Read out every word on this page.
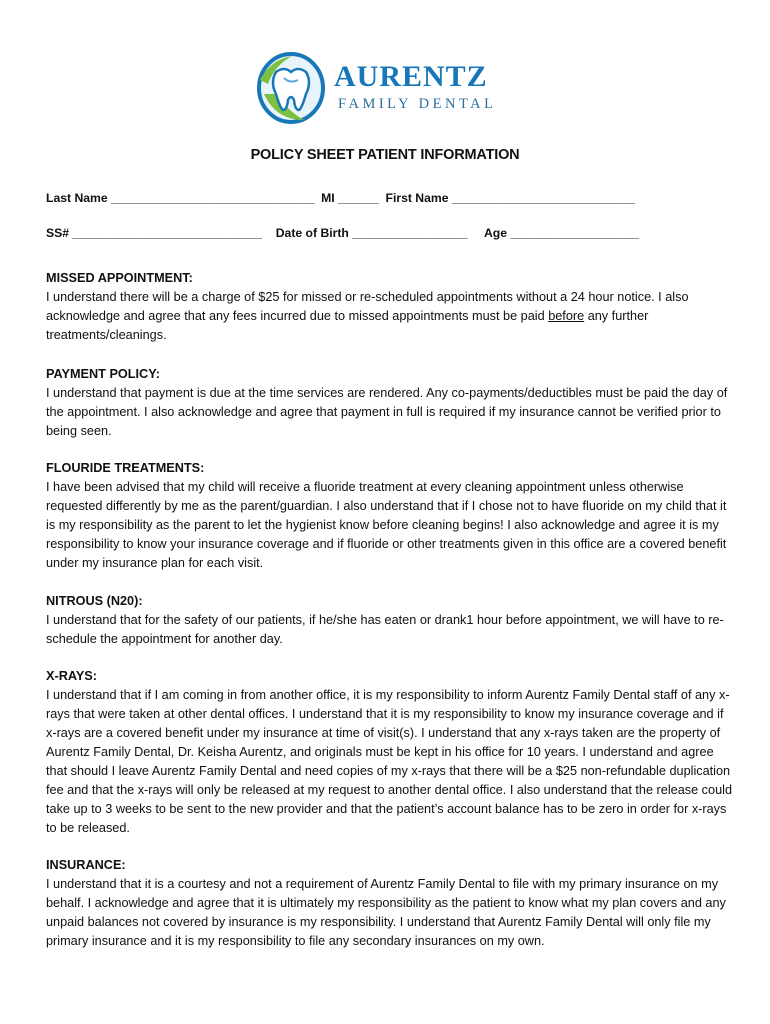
AURENTZ
FAMILY DENTAL
POLICY SHEET PATIENT INFORMATION
Last Name ______________________________  MI ______  First Name ___________________________
SS# ____________________________    Date of Birth _________________     Age ___________________
MISSED APPOINTMENT:

I understand there will be a charge of $25 for missed or re-scheduled appointments without a 24 hour notice. I also acknowledge and agree that any fees incurred due to missed appointments must be paid before any further treatments/cleanings.

PAYMENT POLICY:

I understand that payment is due at the time services are rendered. Any co-payments/deductibles must be paid the day of the appointment. I also acknowledge and agree that payment in full is required if my insurance cannot be verified prior to being seen.

FLOURIDE TREATMENTS:

I have been advised that my child will receive a fluoride treatment at every cleaning appointment unless otherwise requested differently by me as the parent/guardian. I also understand that if I chose not to have fluoride on my child that it is my responsibility as the parent to let the hygienist know before cleaning begins! I also acknowledge and agree it is my responsibility to know your insurance coverage and if fluoride or other treatments given in this office are a covered benefit under my insurance plan for each visit.

NITROUS (N20):

I understand that for the safety of our patients, if he/she has eaten or drank1 hour before appointment, we will have to re-schedule the appointment for another day.

X-RAYS:

I understand that if I am coming in from another office, it is my responsibility to inform Aurentz Family Dental staff of any x-rays that were taken at other dental offices. I understand that it is my responsibility to know my insurance coverage and if x-rays are a covered benefit under my insurance at time of visit(s). I understand that any x-rays taken are the property of Aurentz Family Dental, Dr. Keisha Aurentz, and originals must be kept in his office for 10 years. I understand and agree that should I leave Aurentz Family Dental and need copies of my x-rays that there will be a $25 non-refundable duplication fee and that the x-rays will only be released at my request to another dental office. I also understand that the release could take up to 3 weeks to be sent to the new provider and that the patient’s account balance has to be zero in order for x-rays to be released.

INSURANCE:

I understand that it is a courtesy and not a requirement of Aurentz Family Dental to file with my primary insurance on my behalf. I acknowledge and agree that it is ultimately my responsibility as the patient to know what my plan covers and any unpaid balances not covered by insurance is my responsibility. I understand that Aurentz Family Dental will only file my primary insurance and it is my responsibility to file any secondary insurances on my own.
